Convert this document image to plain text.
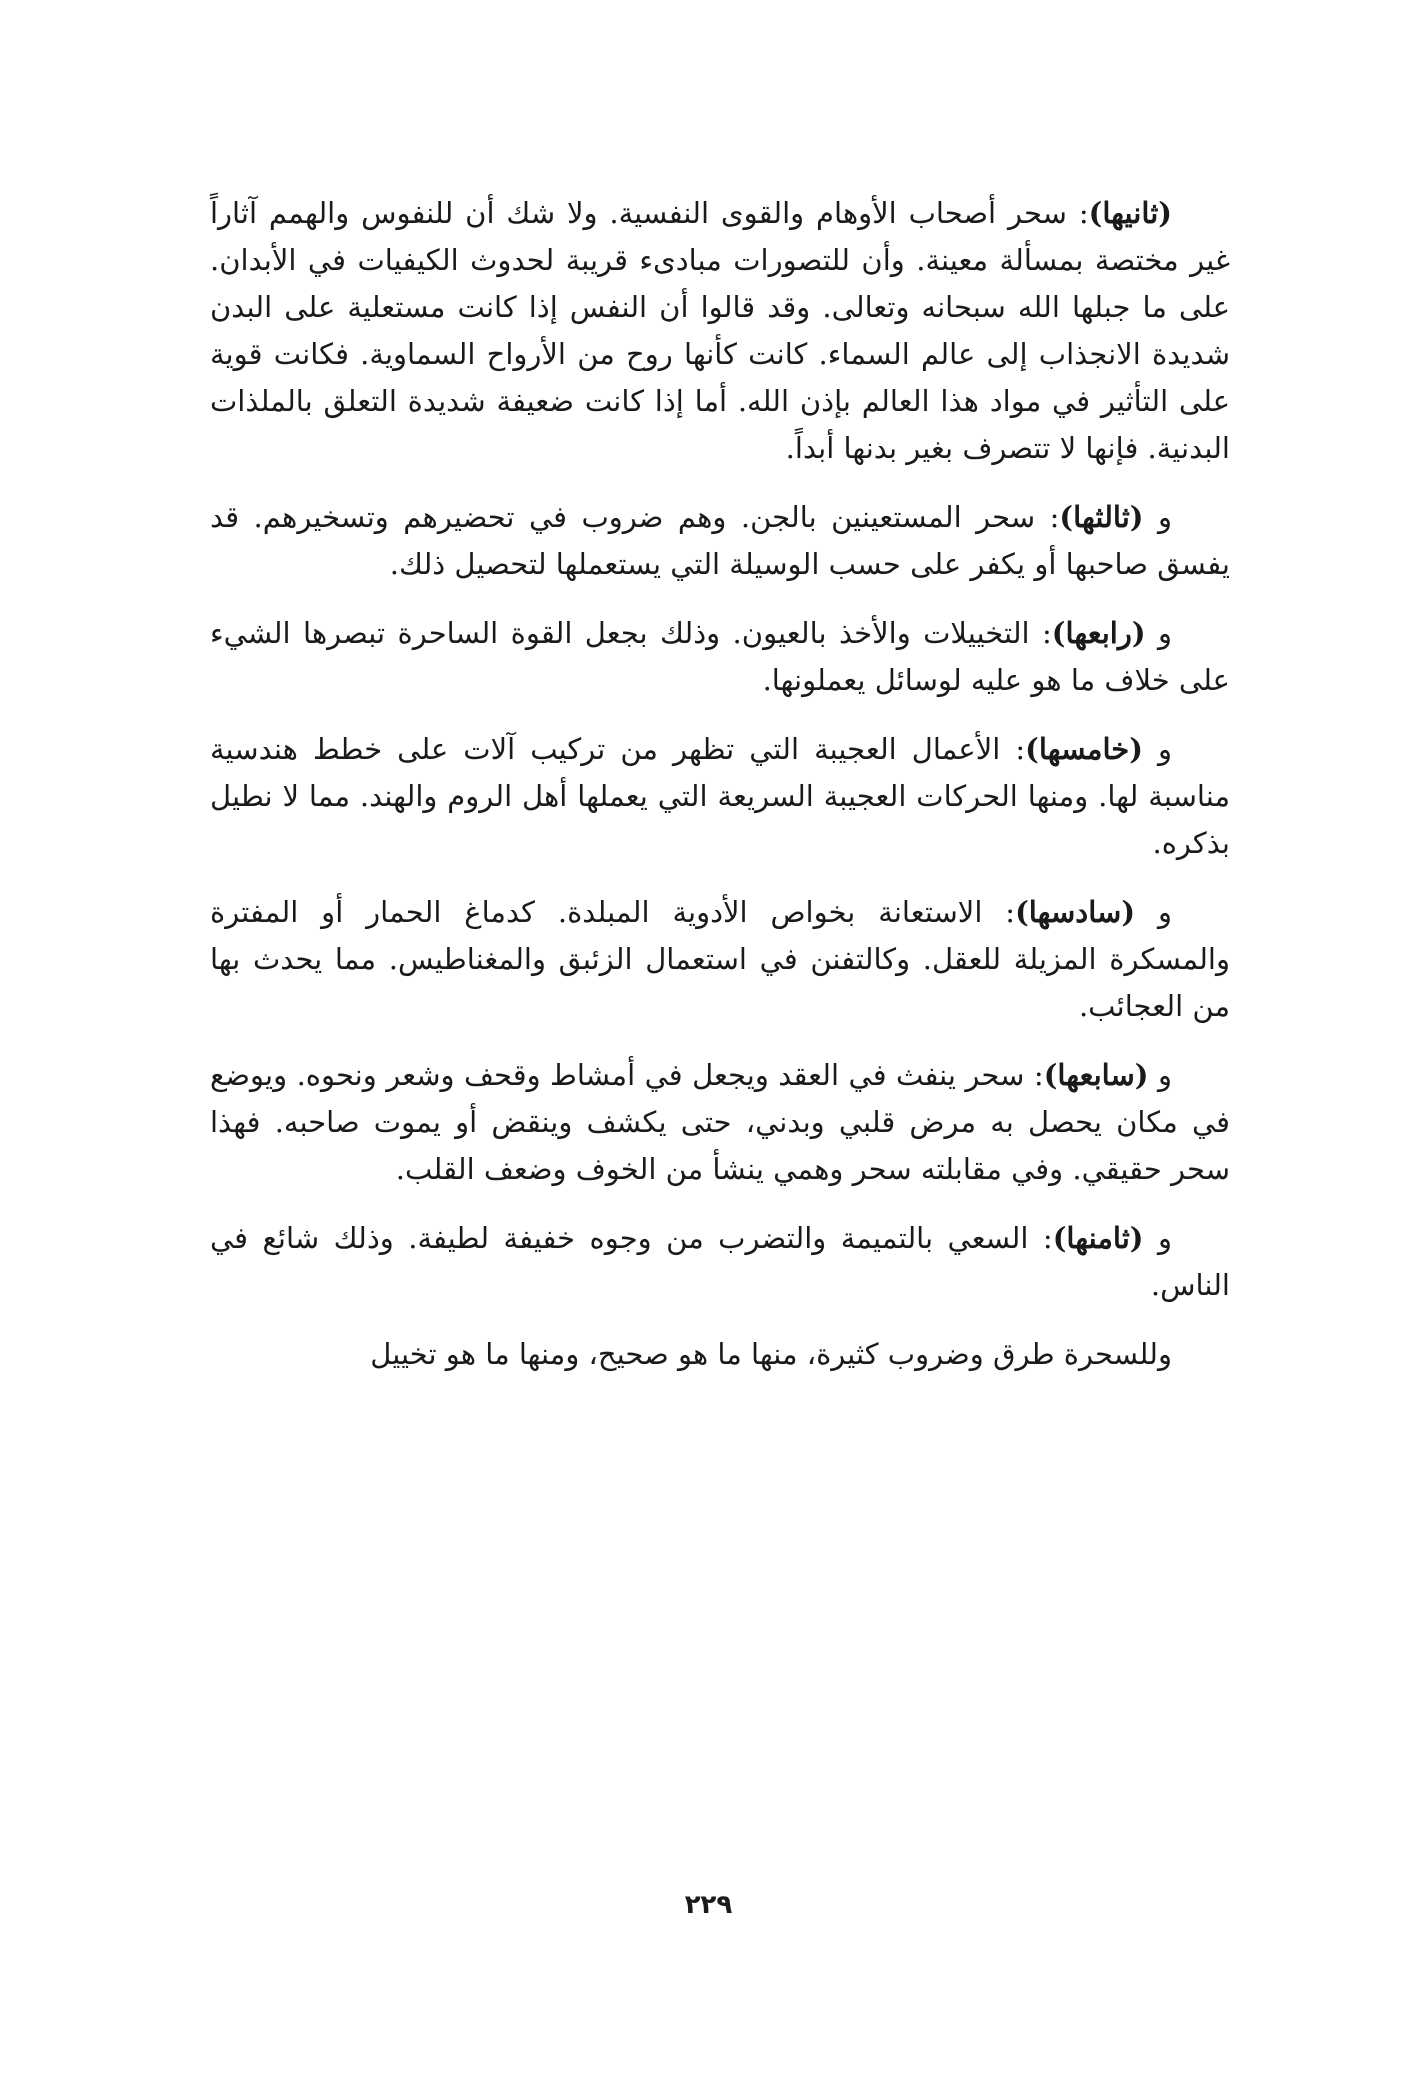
(ثانيها): سحر أصحاب الأوهام والقوى النفسية. ولا شك أن للنفوس والهمم آثاراً غير مختصة بمسألة معينة. وأن للتصورات مبادىء قريبة لحدوث الكيفيات في الأبدان. على ما جبلها الله سبحانه وتعالى. وقد قالوا أن النفس إذا كانت مستعلية على البدن شديدة الانجذاب إلى عالم السماء. كانت كأنها روح من الأرواح السماوية. فكانت قوية على التأثير في مواد هذا العالم بإذن الله. أما إذا كانت ضعيفة شديدة التعلق بالملذات البدنية. فإنها لا تتصرف بغير بدنها أبداً.

و (ثالثها): سحر المستعينين بالجن. وهم ضروب في تحضيرهم وتسخيرهم. قد يفسق صاحبها أو يكفر على حسب الوسيلة التي يستعملها لتحصيل ذلك.

و (رابعها): التخييلات والأخذ بالعيون. وذلك بجعل القوة الساحرة تبصرها الشيء على خلاف ما هو عليه لوسائل يعملونها.

و (خامسها): الأعمال العجيبة التي تظهر من تركيب آلات على خطط هندسية مناسبة لها. ومنها الحركات العجيبة السريعة التي يعملها أهل الروم والهند. مما لا نطيل بذكره.

و (سادسها): الاستعانة بخواص الأدوية المبلدة. كدماغ الحمار أو المفترة والمسكرة المزيلة للعقل. وكالتفنن في استعمال الزئبق والمغناطيس. مما يحدث بها من العجائب.

و (سابعها): سحر ينفث في العقد ويجعل في أمشاط وقحف وشعر ونحوه. ويوضع في مكان يحصل به مرض قلبي وبدني، حتى يكشف وينقض أو يموت صاحبه. فهذا سحر حقيقي. وفي مقابلته سحر وهمي ينشأ من الخوف وضعف القلب.

و (ثامنها): السعي بالتميمة والتضرب من وجوه خفيفة لطيفة. وذلك شائع في الناس.

وللسحرة طرق وضروب كثيرة، منها ما هو صحيح، ومنها ما هو تخييل

٢٢٩
